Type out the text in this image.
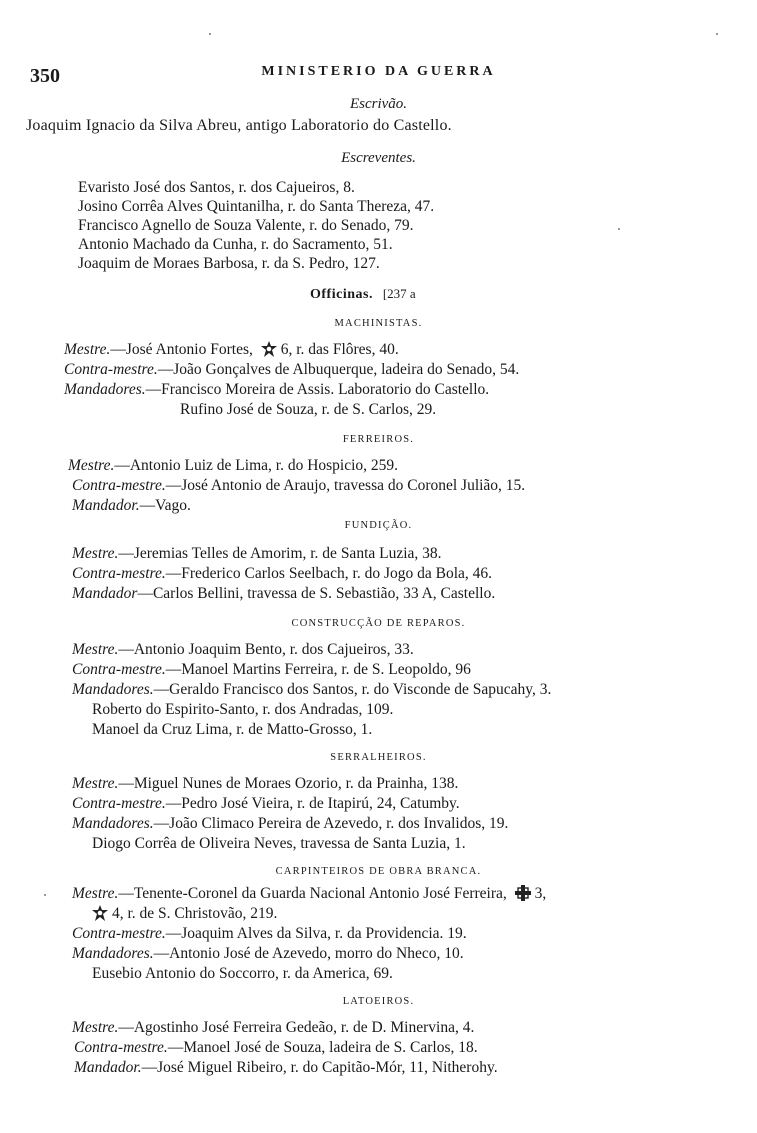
350	MINISTERIO DA GUERRA
Escrivão.
Joaquim Ignacio da Silva Abreu, antigo Laboratorio do Castello.
Escreventes.
Evaristo José dos Santos, r. dos Cajueiros, 8.
Josino Corrêa Alves Quintanilha, r. do Santa Thereza, 47.
Francisco Agnello de Souza Valente, r. do Senado, 79.
Antonio Machado da Cunha, r. do Sacramento, 51.
Joaquim de Moraes Barbosa, r. da S. Pedro, 127.
Officinas. [237 a
MACHINISTAS.
Mestre.—José Antonio Fortes, 6, r. das Flôres, 40.
Contra-mestre.—João Gonçalves de Albuquerque, ladeira do Senado, 54.
Mandadores.—Francisco Moreira de Assis. Laboratorio do Castello.
Rufino José de Souza, r. de S. Carlos, 29.
FERREIROS.
Mestre.—Antonio Luiz de Lima, r. do Hospicio, 259.
Contra-mestre.—José Antonio de Araujo, travessa do Coronel Julião, 15.
Mandador.—Vago.
FUNDIÇÃO.
Mestre.—Jeremias Telles de Amorim, r. de Santa Luzia, 38.
Contra-mestre.—Frederico Carlos Seelbach, r. do Jogo da Bola, 46.
Mandador—Carlos Bellini, travessa de S. Sebastião, 33 A, Castello.
CONSTRUCÇÃO DE REPAROS.
Mestre.—Antonio Joaquim Bento, r. dos Cajueiros, 33.
Contra-mestre.—Manoel Martins Ferreira, r. de S. Leopoldo, 96
Mandadores.—Geraldo Francisco dos Santos, r. do Visconde de Sapucahy, 3.
Roberto do Espirito-Santo, r. dos Andradas, 109.
Manoel da Cruz Lima, r. de Matto-Grosso, 1.
SERRALHEIROS.
Mestre.—Miguel Nunes de Moraes Ozorio, r. da Prainha, 138.
Contra-mestre.—Pedro José Vieira, r. de Itapirú, 24, Catumby.
Mandadores.—João Climaco Pereira de Azevedo, r. dos Invalidos, 19.
Diogo Corrêa de Oliveira Neves, travessa de Santa Luzia, 1.
CARPINTEIROS DE OBRA BRANCA.
Mestre.—Tenente-Coronel da Guarda Nacional Antonio José Ferreira, 3,
4, r. de S. Christovão, 219.
Contra-mestre.—Joaquim Alves da Silva, r. da Providencia. 19.
Mandadores.—Antonio José de Azevedo, morro do Nheco, 10.
Eusebio Antonio do Soccorro, r. da America, 69.
LATOEIROS.
Mestre.—Agostinho José Ferreira Gedeão, r. de D. Minervina, 4.
Contra-mestre.—Manoel José de Souza, ladeira de S. Carlos, 18.
Mandador.—José Miguel Ribeiro, r. do Capitão-Mór, 11, Nitherohy.
